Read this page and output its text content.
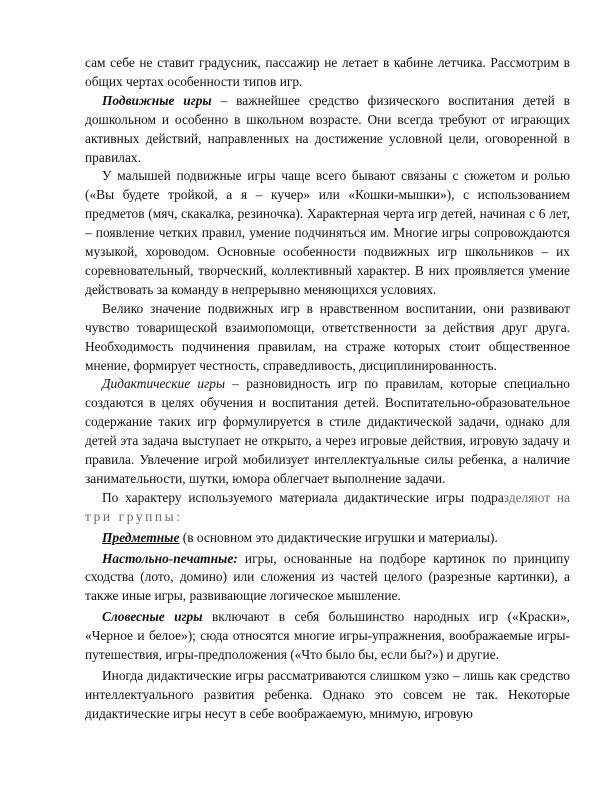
сам себе не ставит градусник, пассажир не летает в кабине летчика. Рассмотрим в общих чертах особенности типов игр.

Подвижные игры – важнейшее средство физического воспитания детей в дошкольном и особенно в школьном возрасте. Они всегда требуют от играющих активных действий, направленных на достижение условной цели, оговоренной в правилах.

У малышей подвижные игры чаще всего бывают связаны с сюжетом и ролью («Вы будете тройкой, а я – кучер» или «Кошки-мышки»), с использованием предметов (мяч, скакалка, резиночка). Характерная черта игр детей, начиная с 6 лет, – появление четких правил, умение подчиняться им. Многие игры сопровождаются музыкой, хороводом. Основные особенности подвижных игр школьников – их соревновательный, творческий, коллективный характер. В них проявляется умение действовать за команду в непрерывно меняющихся условиях.

Велико значение подвижных игр в нравственном воспитании, они развивают чувство товарищеской взаимопомощи, ответственности за действия друг друга. Необходимость подчинения правилам, на страже которых стоит общественное мнение, формирует честность, справедливость, дисциплинированность.

Дидактические игры – разновидность игр по правилам, которые специально создаются в целях обучения и воспитания детей. Воспитательно-образовательное содержание таких игр формулируется в стиле дидактической задачи, однако для детей эта задача выступает не открыто, а через игровые действия, игровую задачу и правила. Увлечение игрой мобилизует интеллектуальные силы ребенка, а наличие занимательности, шутки, юмора облегчает выполнение задачи.

По характеру используемого материала дидактические игры подразделяют на три группы:

Предметные (в основном это дидактические игрушки и материалы).

Настольно-печатные: игры, основанные на подборе картинок по принципу сходства (лото, домино) или сложения из частей целого (разрезные картинки), а также иные игры, развивающие логическое мышление.

Словесные игры включают в себя большинство народных игр («Краски», «Черное и белое»); сюда относятся многие игры-упражнения, воображаемые игры-путешествия, игры-предположения («Что было бы, если бы?») и другие.

Иногда дидактические игры рассматриваются слишком узко – лишь как средство интеллектуального развития ребенка. Однако это совсем не так. Некоторые дидактические игры несут в себе воображаемую, мнимую, игровую
